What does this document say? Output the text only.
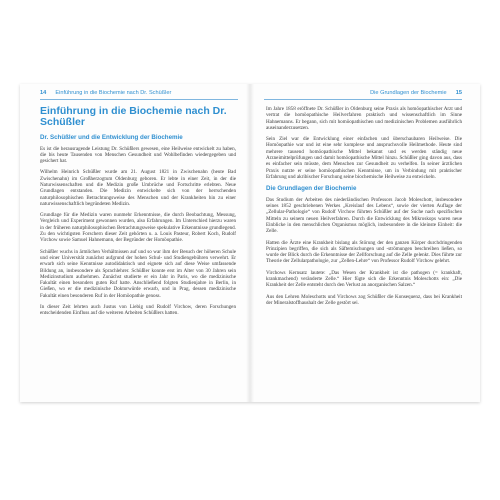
14 Einführung in die Biochemie nach Dr. Schüßler
Einführung in die Biochemie nach Dr. Schüßler
Dr. Schüßler und die Entwicklung der Biochemie

Es ist die herausragende Leistung Dr. Schüßlers gewesen, eine Heilweise entwickelt zu haben, die bis heute Tausenden von Menschen Gesundheit und Wohlbefinden wiedergegeben und gesichert hat.

Wilhelm Heinrich Schüßler wurde am 21. August 1821 in Zwischenahn (heute Bad Zwischenahn) im Großherzogtum Oldenburg geboren. Er lebte in einer Zeit, in der die Naturwissenschaften und die Medizin große Umbrüche und Fortschritte erlebten. Neue Grundlagen entstanden. Die Medizin entwickelte sich von der herrschenden naturphilosophischen Betrachtungsweise des Menschen und der Krankheiten hin zu einer naturwissenschaftlich begründeten Medizin.

Grundlage für die Medizin waren nunmehr Erkenntnisse, die durch Beobachtung, Messung, Vergleich und Experiment gewonnen wurden, also Erfahrungen. Im Unterschied hierzu waren in der früheren naturphilosophischen Betrachtungsweise spekulative Erkenntnisse grundlegend. Zu den wichtigsten Forschern dieser Zeit gehörten u. a. Louis Pasteur, Robert Koch, Rudolf Virchow sowie Samuel Hahnemann, der Begründer der Homöopathie.

Schüßler wuchs in ärmlichen Verhältnissen auf und so war ihm der Besuch der höheren Schule und einer Universität zunächst aufgrund der hohen Schul- und Studiengebühren verwehrt. Er erwarb sich seine Kenntnisse autodidaktisch und eignete sich auf diese Weise umfassende Bildung an, insbesondere als Sprachlehrer. Schüßler konnte erst im Alter von 30 Jahren sein Medizinstudium aufnehmen. Zunächst studierte er ein Jahr in Paris, wo die medizinische Fakultät einen besonders guten Ruf hatte. Anschließend folgten Studienjahre in Berlin, in Gießen, wo er die medizinische Doktorwürde erwarb, und in Prag, dessen medizinische Fakultät einen besonderen Ruf in der Homöopathie genoss.

In dieser Zeit lehrten auch Justus von Liebig und Rudolf Virchow, deren Forschungen entscheidenden Einfluss auf die weiteren Arbeiten Schüßlers hatten.

Die Grundlagen der Biochemie 15

Im Jahre 1858 eröffnete Dr. Schüßler in Oldenburg seine Praxis als homöopathischer Arzt und vertrat die homöopathische Heilverfahren praktisch und wissenschaftlich im Sinne Hahnemanns. Er begann, sich mit homöopathischen und medizinischen Problemen ausführlich auseinanderzusetzen.

Sein Ziel war die Entwicklung einer einfachen und überschaubaren Heilweise. Die Homöopathie war und ist eine sehr komplexe und anspruchsvolle Heilmethode. Heute sind mehrere tausend homöopathische Mittel bekannt und es werden ständig neue Arzneimittelprüfungen und damit homöopathische Mittel hinzu. Schüßler ging davon aus, dass es einfacher sein müsste, dem Menschen zur Gesundheit zu verhelfen. In seiner ärztlichen Praxis nutzte er seine homöopathischen Kenntnisse, um in Verbindung mit praktischer Erfahrung und akribischer Forschung seine biochemische Heilweise zu entwickeln.

Die Grundlagen der Biochemie

Das Studium der Arbeiten des niederländischen Professors Jacob Moleschott, insbesondere seines 1852 geschriebenen Werkes „Kreislauf des Lebens“, sowie der vierten Auflage der „Zellular-Pathologie“ von Rudolf Virchow führten Schüßler auf der Suche nach spezifischen Mitteln zu seinem neuen Heilverfahren. Durch die Entwicklung des Mikroskops waren neue Einblicke in den menschlichen Organismus möglich, insbesondere in die kleinste Einheit: die Zelle.

Hatten die Ärzte eine Krankheit bislang als Störung der den ganzen Körper durchdringenden Prinzipien begriffen, die sich als Säftemischungen und -strömungen beschreiben ließen, so wurde der Blick durch die Erkenntnisse der Zellforschung auf die Zelle gelenkt. Dies führte zur Theorie der Zellularpathologie, zur „Zellen-Lehre“ von Professor Rudolf Virchow gelehrt.

Virchows Kernsatz lautete: „Das Wesen der Krankheit ist die pathogen (= krankhaft, krankmachend) veränderte Zelle.“ Hier fügte sich die Erkenntnis Moleschotts ein: „Die Krankheit der Zelle entsteht durch den Verlust an anorganischen Salzen.“

Aus den Lehren Moleschotts und Virchows zog Schüßler die Konsequenz, dass bei Krankheit der Mineralstoffhaushalt der Zelle gestört sei.
